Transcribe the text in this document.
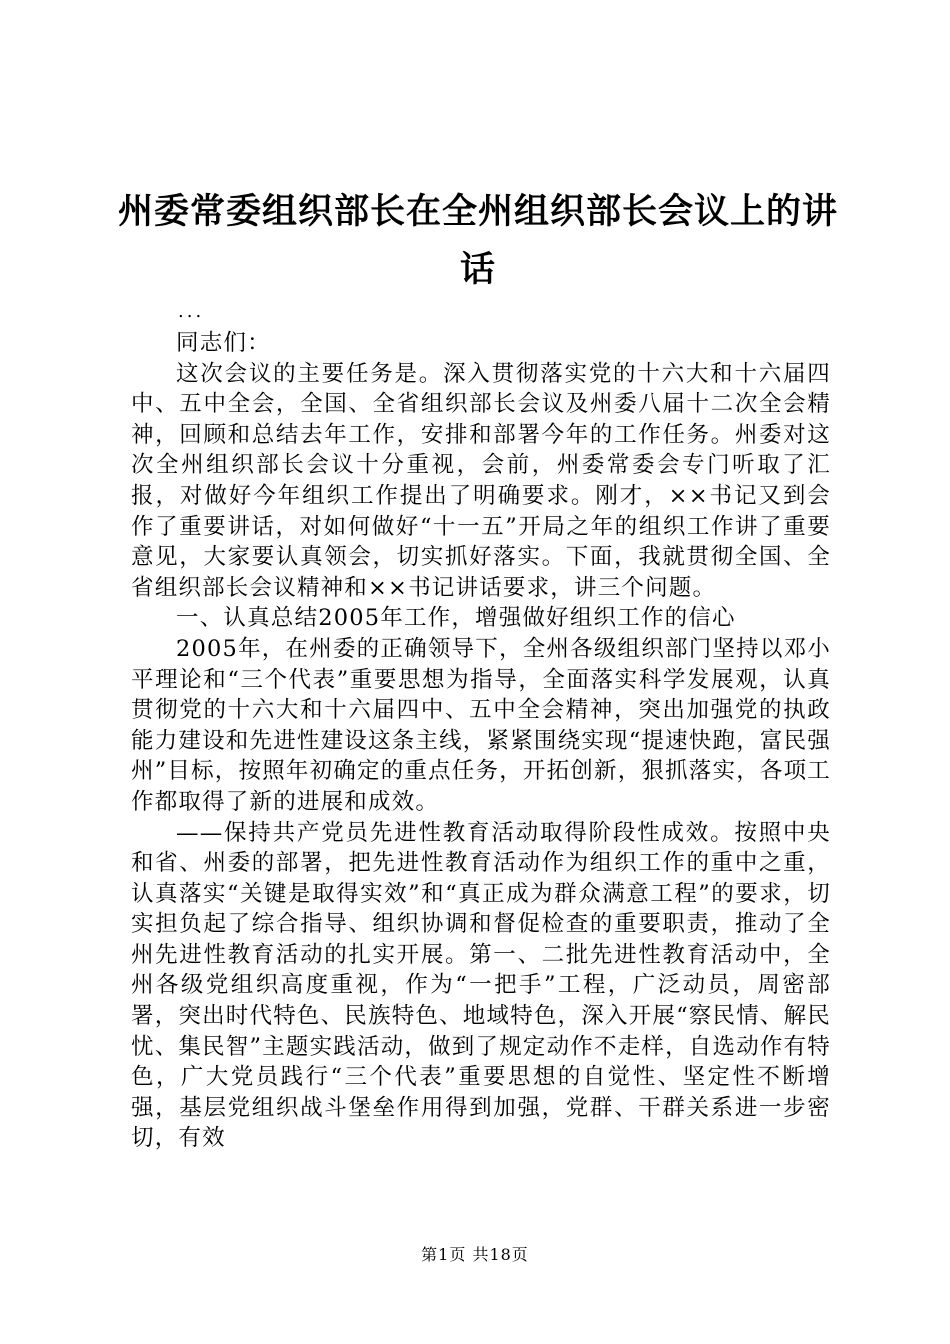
州委常委组织部长在全州组织部长会议上的讲话
...

同志们：

这次会议的主要任务是。深入贯彻落实党的十六大和十六届四中、五中全会，全国、全省组织部长会议及州委八届十二次全会精神，回顾和总结去年工作，安排和部署今年的工作任务。州委对这次全州组织部长会议十分重视，会前，州委常委会专门听取了汇报，对做好今年组织工作提出了明确要求。刚才，××书记又到会作了重要讲话，对如何做好“十一五”开局之年的组织工作讲了重要意见，大家要认真领会，切实抓好落实。下面，我就贯彻全国、全省组织部长会议精神和××书记讲话要求，讲三个问题。

一、认真总结2005年工作，增强做好组织工作的信心

2005年，在州委的正确领导下，全州各级组织部门坚持以邓小平理论和“三个代表”重要思想为指导，全面落实科学发展观，认真贯彻党的十六大和十六届四中、五中全会精神，突出加强党的执政能力建设和先进性建设这条主线，紧紧围绕实现“提速快跑，富民强州”目标，按照年初确定的重点任务，开拓创新，狠抓落实，各项工作都取得了新的进展和成效。

——保持共产党员先进性教育活动取得阶段性成效。按照中央和省、州委的部署，把先进性教育活动作为组织工作的重中之重，认真落实“关键是取得实效”和“真正成为群众满意工程”的要求，切实担负起了综合指导、组织协调和督促检查的重要职责，推动了全州先进性教育活动的扎实开展。第一、二批先进性教育活动中，全州各级党组织高度重视，作为“一把手”工程，广泛动员，周密部署，突出时代特色、民族特色、地域特色，深入开展“察民情、解民忧、集民智”主题实践活动，做到了规定动作不走样，自选动作有特色，广大党员践行“三个代表”重要思想的自觉性、坚定性不断增强，基层党组织战斗堡垒作用得到加强，党群、干群关系进一步密切，有效

第1页 共18页
